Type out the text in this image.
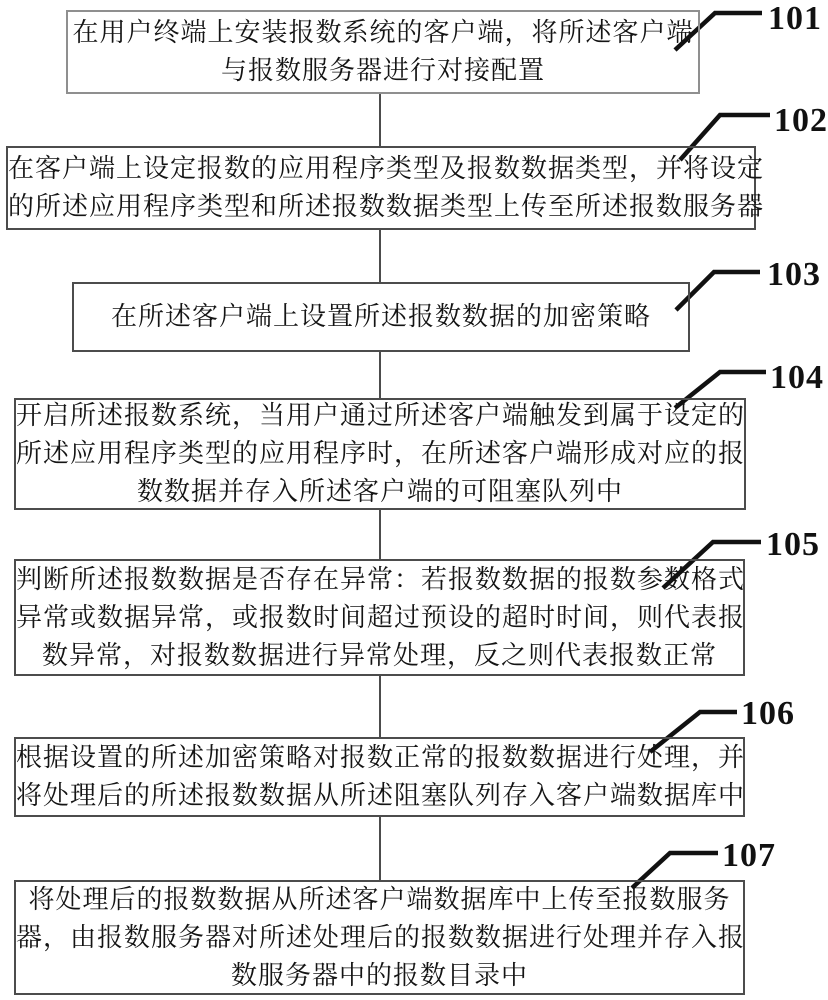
在用户终端上安装报数系统的客户端，将所述客户端
与报数服务器进行对接配置
101
在客户端上设定报数的应用程序类型及报数数据类型，并将设定
的所述应用程序类型和所述报数数据类型上传至所述报数服务器
102
在所述客户端上设置所述报数数据的加密策略
103
开启所述报数系统，当用户通过所述客户端触发到属于设定的
所述应用程序类型的应用程序时，在所述客户端形成对应的报
数数据并存入所述客户端的可阻塞队列中
104
判断所述报数数据是否存在异常：若报数数据的报数参数格式
异常或数据异常，或报数时间超过预设的超时时间，则代表报
数异常，对报数数据进行异常处理，反之则代表报数正常
105
根据设置的所述加密策略对报数正常的报数数据进行处理，并
将处理后的所述报数数据从所述阻塞队列存入客户端数据库中
106
将处理后的报数数据从所述客户端数据库中上传至报数服务
器，由报数服务器对所述处理后的报数数据进行处理并存入报
数服务器中的报数目录中
107
